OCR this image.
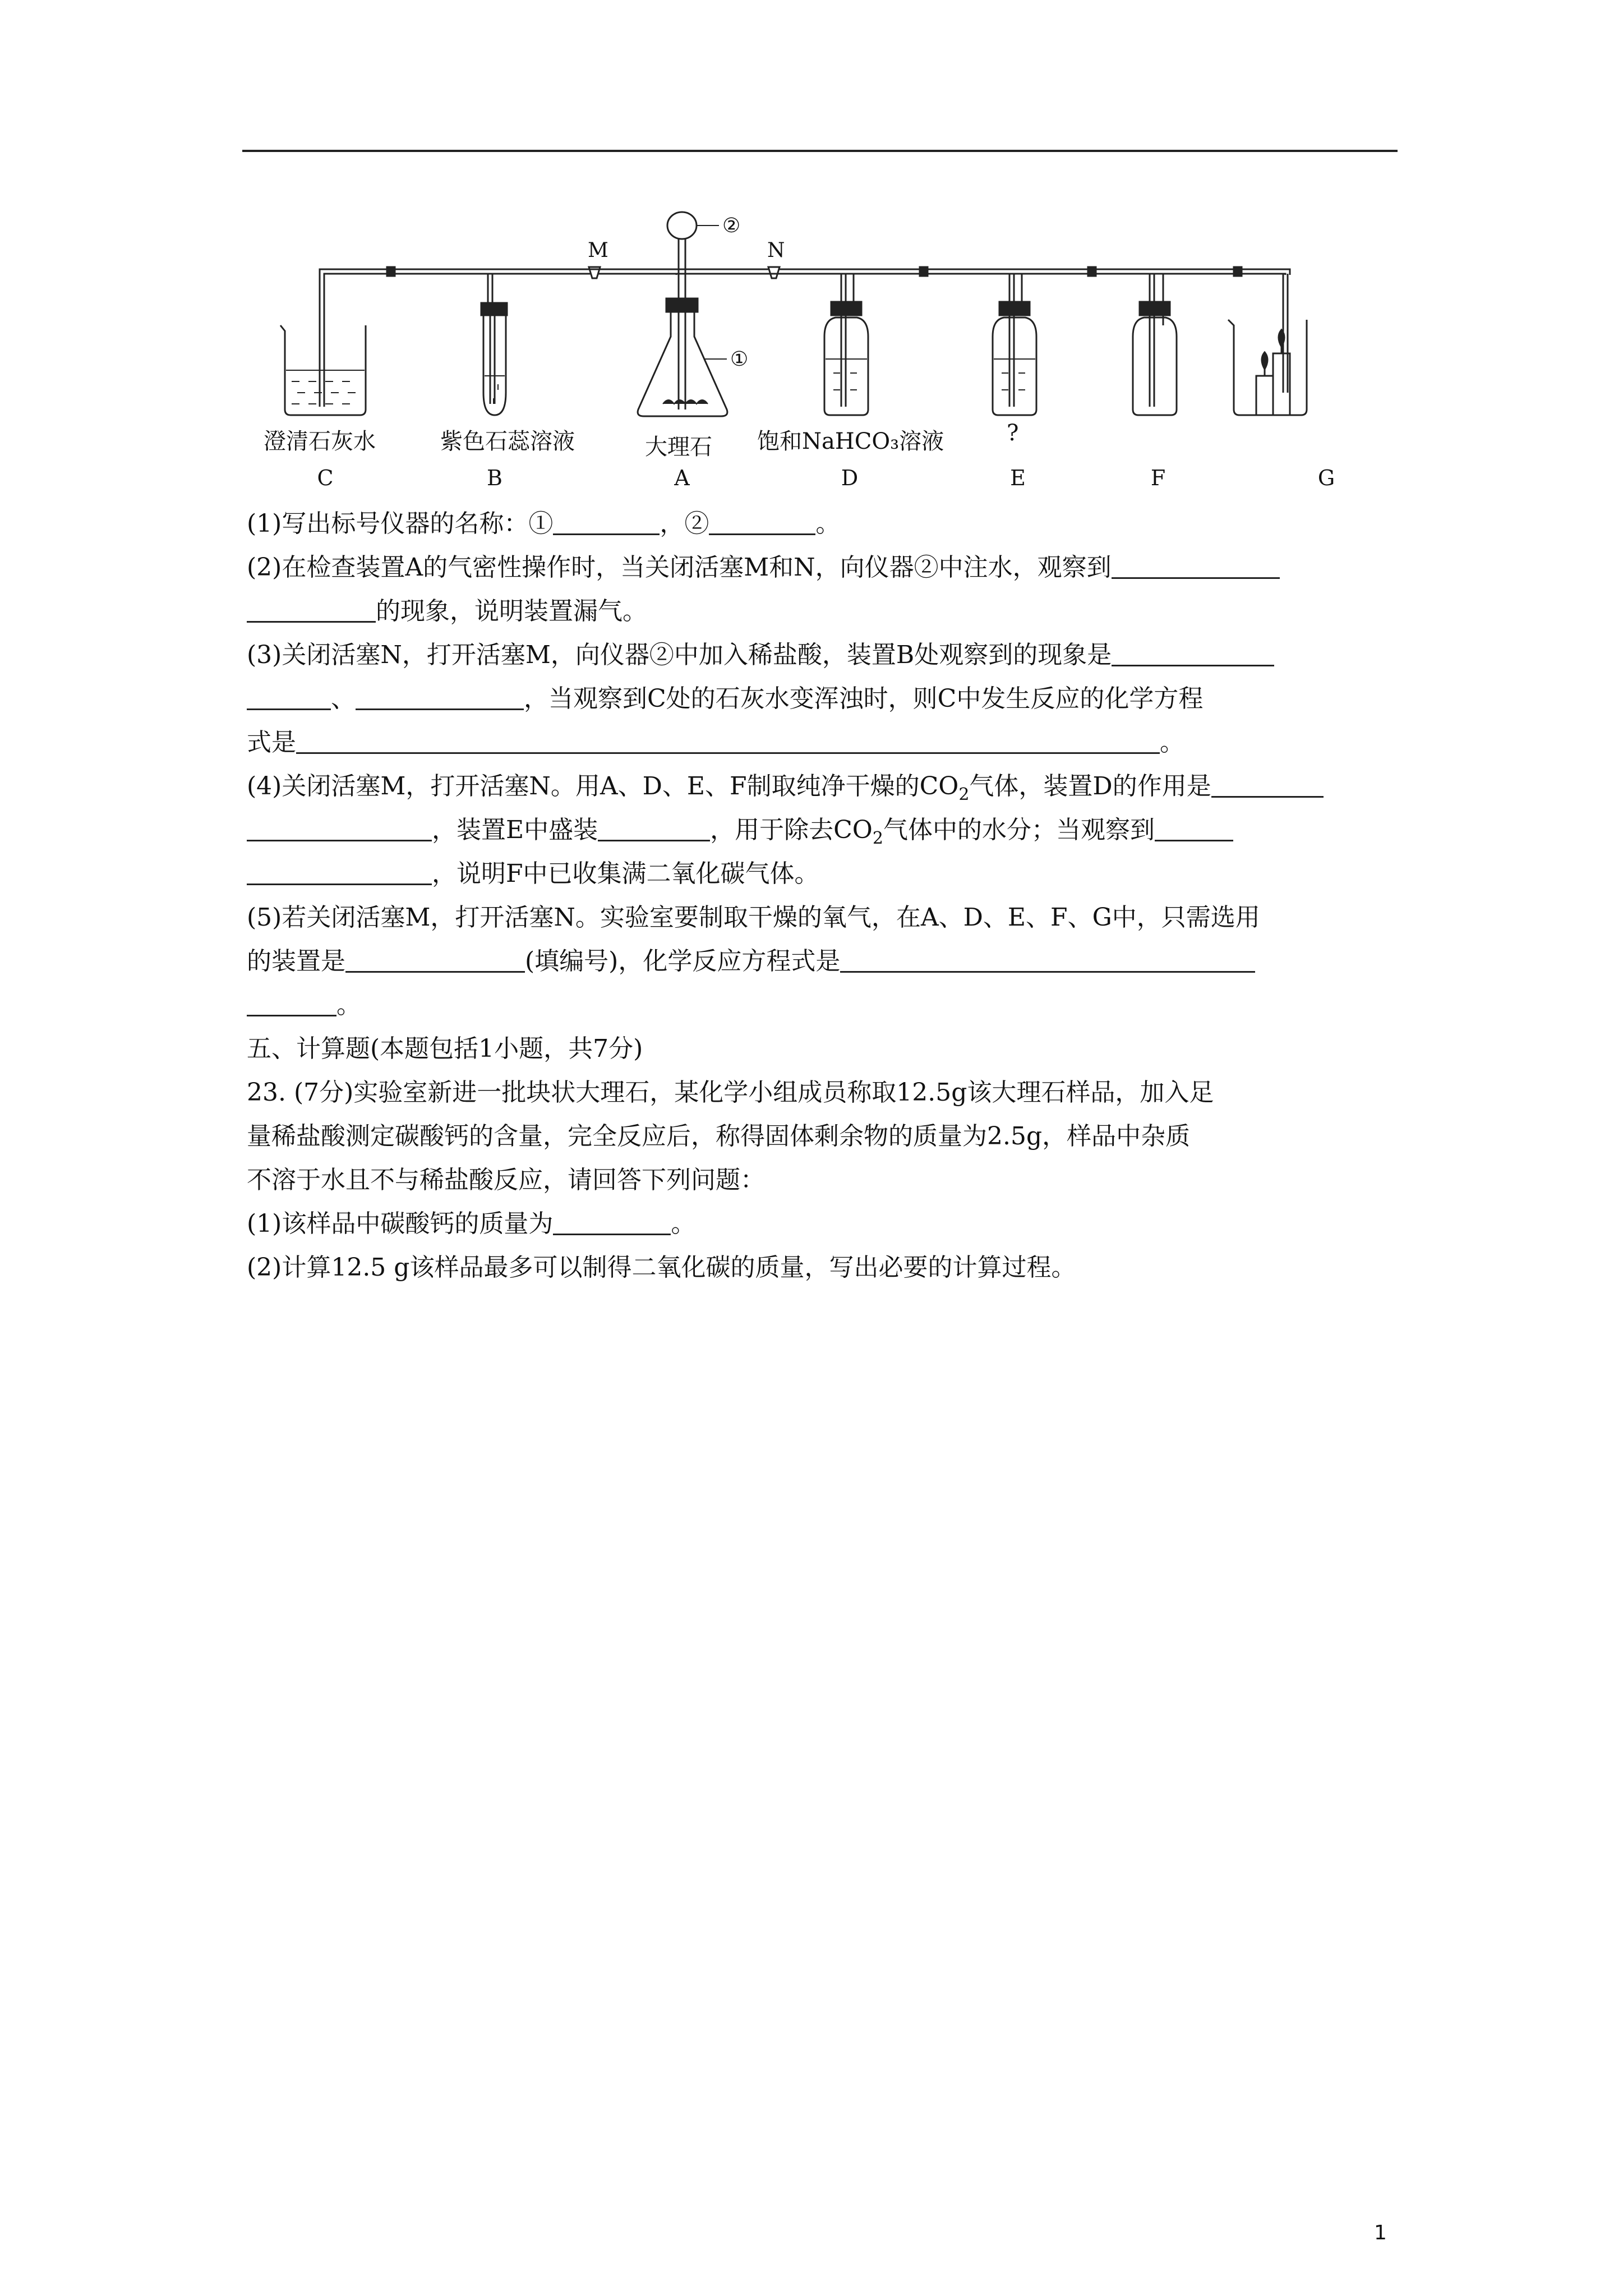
M	N
②
①
澄清石灰水	紫色石蕊溶液	大理石 饱和NaHCO₃溶液	?
C	B	A	D	E	F	G
(1)写出标号仪器的名称：①	，②	。
(2)在检查装置A的气密性操作时，当关闭活塞M和N，向仪器②中注水，观察到
的现象，说明装置漏气。
(3)关闭活塞N，打开活塞M，向仪器②中加入稀盐酸，装置B处观察到的现象是
、	，当观察到C处的石灰水变浑浊时，则C中发生反应的化学方程
式是	。
(4)关闭活塞M，打开活塞N。用A、D、E、F制取纯净干燥的$CO_2$气体，装置D的作用是
，装置E中盛装	，用于除去$CO_2$气体中的水分；当观察到
，说明F中已收集满二氧化碳气体。
(5)若关闭活塞M，打开活塞N。实验室要制取干燥的氧气，在A、D、E、F、G中，只需选用
的装置是	(填编号)，化学反应方程式是
。
五、计算题(本题包括1小题，共7分)
23. (7分)实验室新进一批块状大理石，某化学小组成员称取12.5g该大理石样品，加入足
量稀盐酸测定碳酸钙的含量，完全反应后，称得固体剩余物的质量为2.5g，样品中杂质
不溶于水且不与稀盐酸反应，请回答下列问题：
(1)该样品中碳酸钙的质量为	。
(2)计算12.5 g该样品最多可以制得二氧化碳的质量，写出必要的计算过程。
1
